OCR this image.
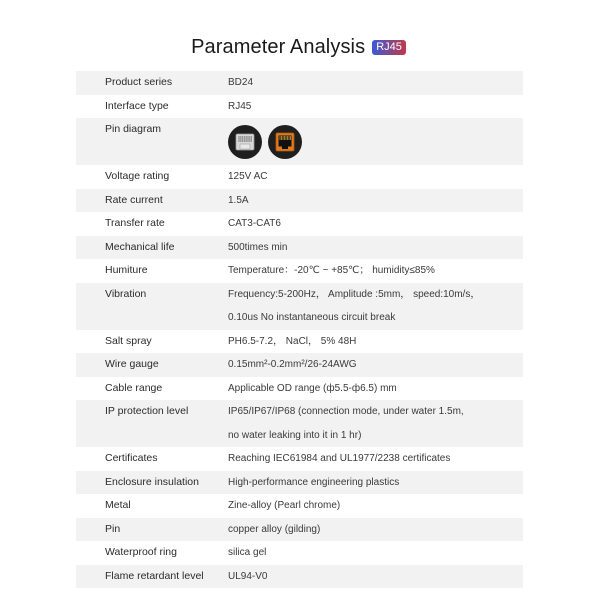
Parameter Analysis	RJ45
Product series	BD24
Interface type	RJ45
Pin diagram
Voltage rating	125V AC
Rate current	1.5A
Transfer rate	CAT3-CAT6
Mechanical life	500times min
Humiture	Temperature：-20℃ ~ +85℃； humidity≤85%
Vibration	Frequency:5-200Hz， Amplitude :5mm， speed:10m/s，
0.10us No instantaneous circuit break
Salt spray	PH6.5-7.2， NaCl， 5% 48H
Wire gauge	0.15mm²-0.2mm²/26-24AWG
Cable range	Applicable OD range (ф5.5-ф6.5) mm
IP protection level	IP65/IP67/IP68 (connection mode, under water 1.5m,
no water leaking into it in 1 hr)
Certificates	Reaching IEC61984 and UL1977/2238 certificates
Enclosure insulation	High-performance engineering plastics
Metal	Zine-alloy (Pearl chrome)
Pin	copper alloy (gilding)
Waterproof ring	silica gel
Flame retardant level UL94-V0
